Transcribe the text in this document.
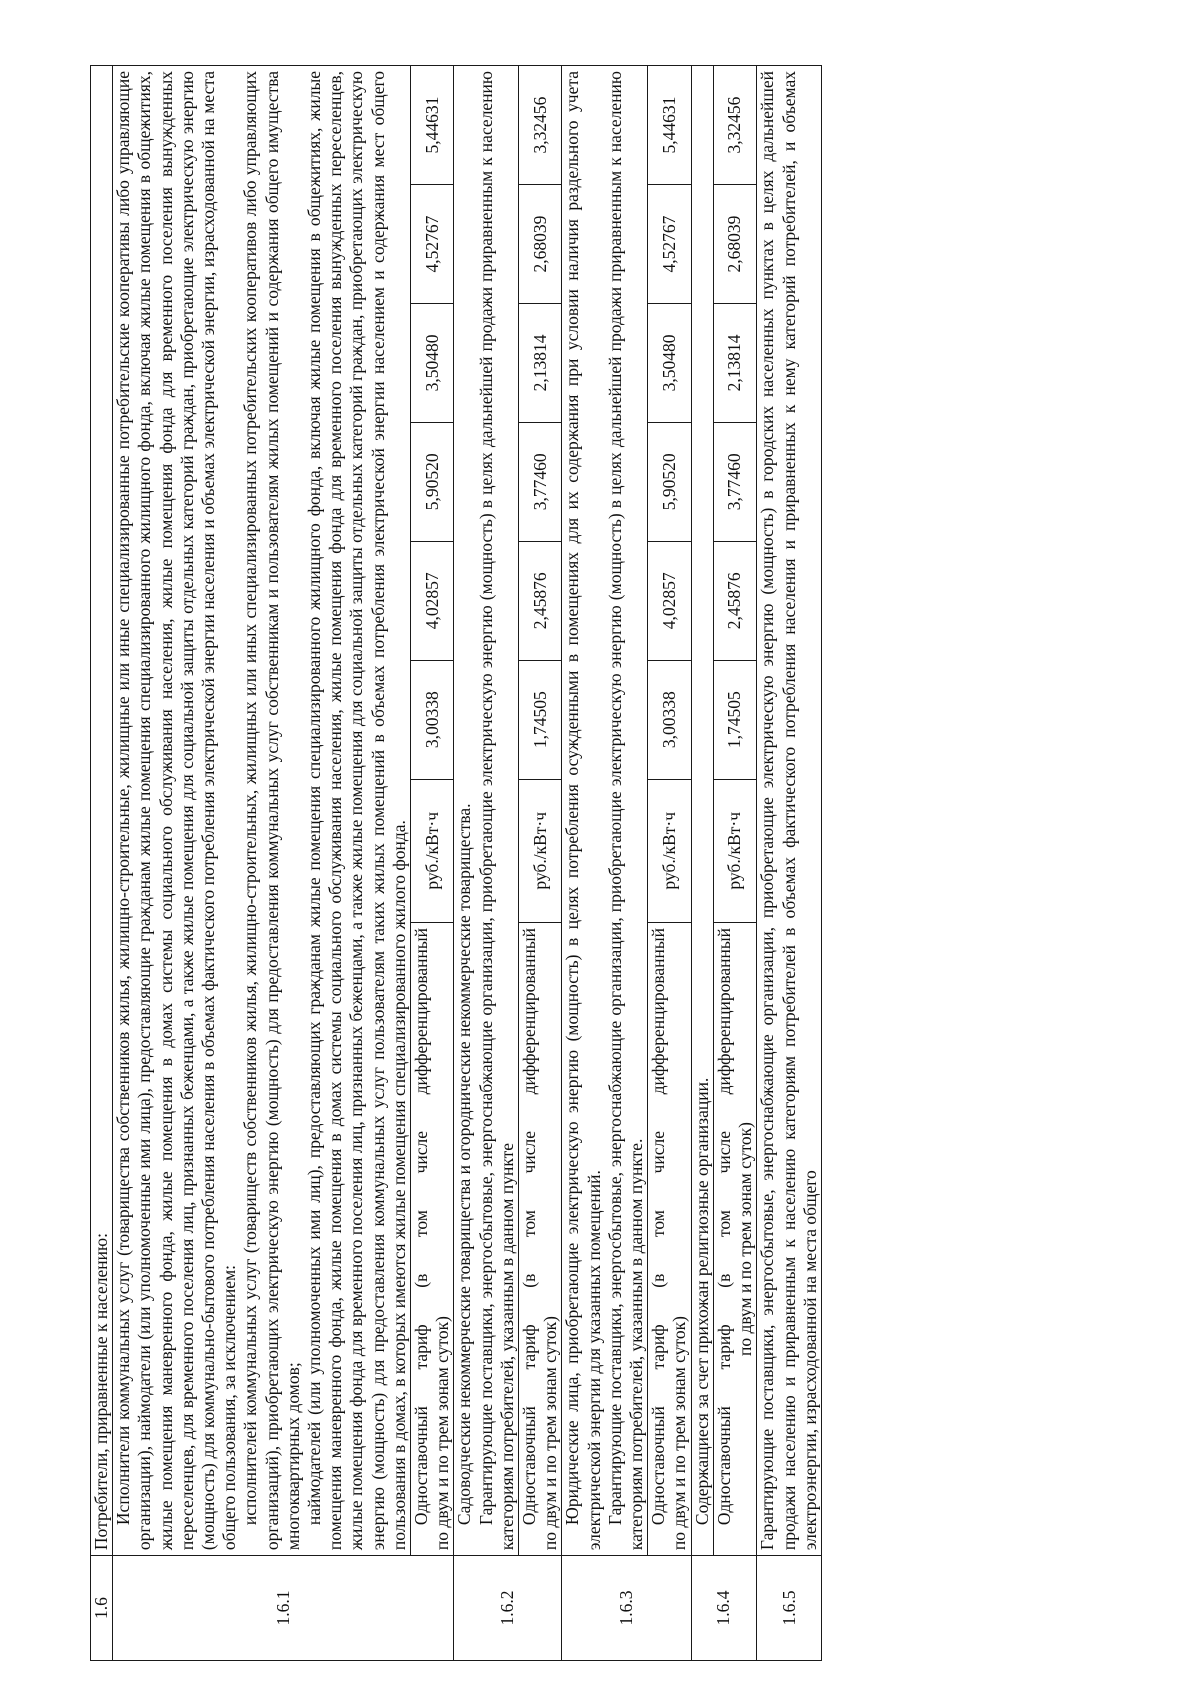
1.6	Потребители, приравненные к населению:							
1.6.1	Исполнители коммунальных услуг (товарищества собственников жилья, жилищно-строительные, жилищные или иные специализированные потребительские кооперативы либо управляющие организации), наймодатели (или уполномоченные ими лица), предоставляющие гражданам жилые помещения специализированного жилищного фонда, включая жилые помещения в общежитиях, жилые помещения маневренного фонда, жилые помещения в домах системы социального обслуживания населения, жилые помещения фонда для временного поселения вынужденных переселенцев, для временного поселения лиц, признанных беженцами, а также жилые помещения для социальной защиты отдельных категорий граждан, приобретающие электрическую энергию (мощность) для коммунально-бытового потребления населения в объемах фактического потребления электрической энергии населения и объемах электрической энергии, израсходованной на места общего пользования, за исключением: исполнителей коммунальных услуг (товариществ собственников жилья, жилищно-строительных, жилищных или иных специализированных потребительских кооперативов либо управляющих организаций), приобретающих электрическую энергию (мощность) для предоставления коммунальных услуг собственникам и пользователям жилых помещений и содержания общего имущества многоквартирных домов; наймодателей (или уполномоченных ими лиц), предоставляющих гражданам жилые помещения специализированного жилищного фонда, включая жилые помещения в общежитиях, жилые помещения маневренного фонда, жилые помещения в домах системы социального обслуживания населения, жилые помещения фонда для временного поселения вынужденных переселенцев, жилые помещения фонда для временного поселения лиц, признанных беженцами, а также жилые помещения для социальной защиты отдельных категорий граждан, приобретающих электрическую энергию (мощность) для предоставления коммунальных услуг пользователям таких жилых помещений в объемах потребления электрической энергии населением и содержания мест общего пользования в домах, в которых имеются жилые помещения специализированного жилого фонда.							

	Одноставочный тариф (в том числе дифференцированный по двум и по трем зонам суток)	руб./кВт·ч	3,00338	4,02857	5,90520	3,50480	4,52767	5,44631
1.6.2	Садоводческие некоммерческие товарищества и огороднические некоммерческие товарищества. Гарантирующие поставщики, энергосбытовые, энергоснабжающие организации, приобретающие электрическую энергию (мощность) в целях дальнейшей продажи приравненным к населению категориям потребителей, указанным в данном пункте							

	Одноставочный тариф (в том числе дифференцированный по двум и по трем зонам суток)	руб./кВт·ч	1,74505	2,45876	3,77460	2,13814	2,68039	3,32456
1.6.3	Юридические лица, приобретающие электрическую энергию (мощность) в целях потребления осужденными в помещениях для их содержания при условии наличия раздельного учета электрической энергии для указанных помещений. Гарантирующие поставщики, энергосбытовые, энергоснабжающие организации, приобретающие электрическую энергию (мощность) в целях дальнейшей продажи приравненным к населению категориям потребителей, указанным в данном пункте.							

	Одноставочный тариф (в том числе дифференцированный по двум и по трем зонам суток)	руб./кВт·ч	3,00338	4,02857	5,90520	3,50480	4,52767	5,44631
1.6.4	Содержащиеся за счет прихожан религиозные организации.							

	Одноставочный тариф (в том числе дифференцированный по двум и по трем зонам суток)	руб./кВт·ч	1,74505	2,45876	3,77460	2,13814	2,68039	3,32456
1.6.5	Гарантирующие поставщики, энергосбытовые, энергоснабжающие организации, приобретающие электрическую энергию (мощность) в городских населенных пунктах в целях дальнейшей продажи населению и приравненным к населению категориям потребителей в объемах фактического потребления населения и приравненных к нему категорий потребителей, и объемах электроэнергии, израсходованной на места общего							
